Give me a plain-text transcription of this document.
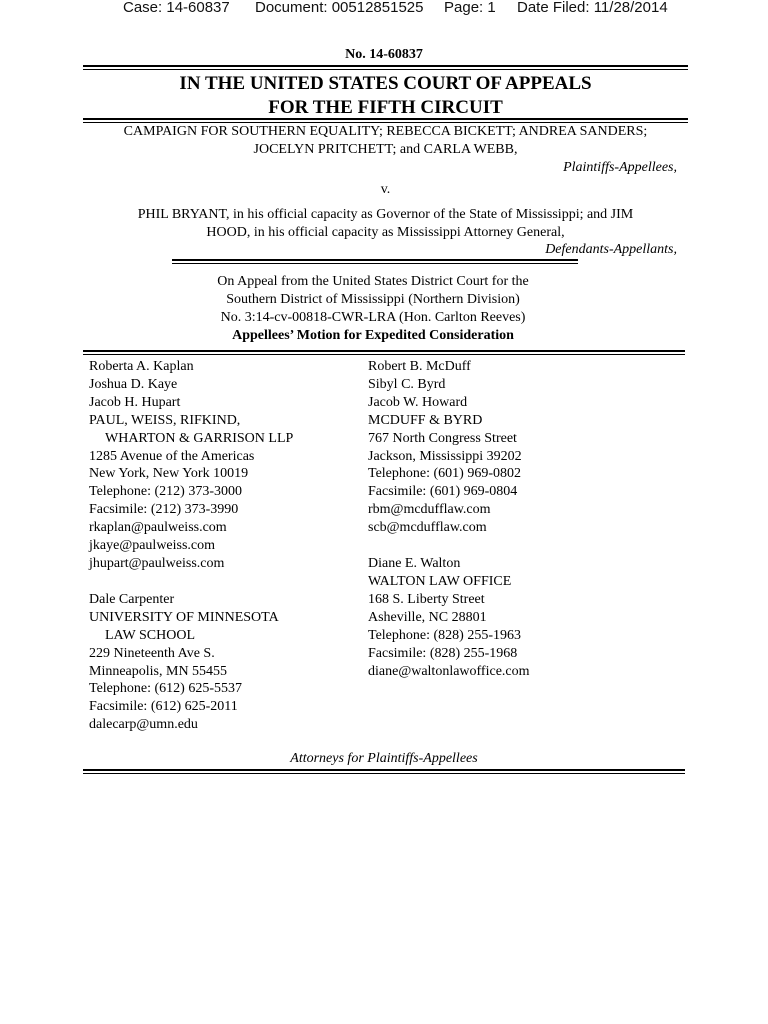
Case: 14-60837 Document: 00512851525 Page: 1 Date Filed: 11/28/2014
No. 14-60837
IN THE UNITED STATES COURT OF APPEALS
FOR THE FIFTH CIRCUIT
CAMPAIGN FOR SOUTHERN EQUALITY; REBECCA BICKETT; ANDREA SANDERS;
JOCELYN PRITCHETT; and CARLA WEBB,
Plaintiffs-Appellees,
v.
PHIL BRYANT, in his official capacity as Governor of the State of Mississippi; and JIM
HOOD, in his official capacity as Mississippi Attorney General,
Defendants-Appellants,
On Appeal from the United States District Court for the
Southern District of Mississippi (Northern Division)
No. 3:14-cv-00818-CWR-LRA (Hon. Carlton Reeves)
Appellees’ Motion for Expedited Consideration
Roberta A. Kaplan
Joshua D. Kaye
Jacob H. Hupart
PAUL, WEISS, RIFKIND,
WHARTON & GARRISON LLP
1285 Avenue of the Americas
New York, New York 10019
Telephone: (212) 373-3000
Facsimile: (212) 373-3990
rkaplan@paulweiss.com
jkaye@paulweiss.com
jhupart@paulweiss.com
Dale Carpenter
UNIVERSITY OF MINNESOTA
LAW SCHOOL
229 Nineteenth Ave S.
Minneapolis, MN 55455
Telephone: (612) 625-5537
Facsimile: (612) 625-2011
dalecarp@umn.edu
Robert B. McDuff
Sibyl C. Byrd
Jacob W. Howard
MCDUFF & BYRD
767 North Congress Street
Jackson, Mississippi 39202
Telephone: (601) 969-0802
Facsimile: (601) 969-0804
rbm@mcdufflaw.com
scb@mcdufflaw.com
Diane E. Walton
WALTON LAW OFFICE
168 S. Liberty Street
Asheville, NC 28801
Telephone: (828) 255-1963
Facsimile: (828) 255-1968
diane@waltonlawoffice.com
Attorneys for Plaintiffs-Appellees
